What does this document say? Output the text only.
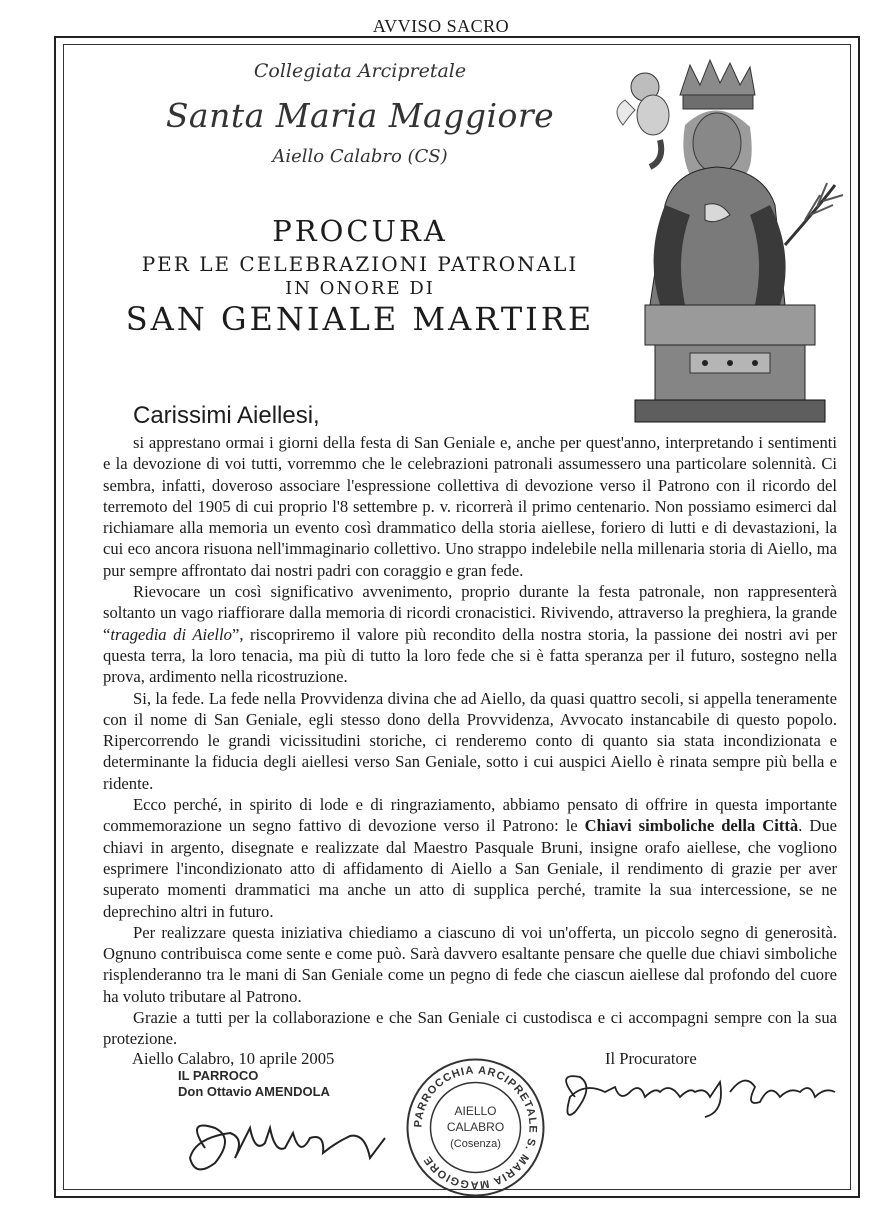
AVVISO SACRO
Collegiata Arcipretale
Santa Maria Maggiore
Aiello Calabro (CS)
PROCURA
PER LE CELEBRAZIONI PATRONALI
IN ONORE DI
SAN GENIALE MARTIRE
Carissimi Aiellesi,

si apprestano ormai i giorni della festa di San Geniale e, anche per quest'anno, interpretando i sentimenti e la devozione di voi tutti, vorremmo che le celebrazioni patronali assumessero una particolare solennità. Ci sembra, infatti, doveroso associare l'espressione collettiva di devozione verso il Patrono con il ricordo del terremoto del 1905 di cui proprio l'8 settembre p. v. ricorrerà il primo centenario. Non possiamo esimerci dal richiamare alla memoria un evento così drammatico della storia aiellese, foriero di lutti e di devastazioni, la cui eco ancora risuona nell'immaginario collettivo. Uno strappo indelebile nella millenaria storia di Aiello, ma pur sempre affrontato dai nostri padri con coraggio e gran fede.

Rievocare un così significativo avvenimento, proprio durante la festa patronale, non rappresenterà soltanto un vago riaffiorare dalla memoria di ricordi cronacistici. Rivivendo, attraverso la preghiera, la grande “tragedia di Aiello”, riscopriremo il valore più recondito della nostra storia, la passione dei nostri avi per questa terra, la loro tenacia, ma più di tutto la loro fede che si è fatta speranza per il futuro, sostegno nella prova, ardimento nella ricostruzione.

Si, la fede. La fede nella Provvidenza divina che ad Aiello, da quasi quattro secoli, si appella teneramente con il nome di San Geniale, egli stesso dono della Provvidenza, Avvocato instancabile di questo popolo. Ripercorrendo le grandi vicissitudini storiche, ci renderemo conto di quanto sia stata incondizionata e determinante la fiducia degli aiellesi verso San Geniale, sotto i cui auspici Aiello è rinata sempre più bella e ridente.

Ecco perché, in spirito di lode e di ringraziamento, abbiamo pensato di offrire in questa importante commemorazione un segno fattivo di devozione verso il Patrono: le Chiavi simboliche della Città. Due chiavi in argento, disegnate e realizzate dal Maestro Pasquale Bruni, insigne orafo aiellese, che vogliono esprimere l'incondizionato atto di affidamento di Aiello a San Geniale, il rendimento di grazie per aver superato momenti drammatici ma anche un atto di supplica perché, tramite la sua intercessione, se ne deprechino altri in futuro.

Per realizzare questa iniziativa chiediamo a ciascuno di voi un'offerta, un piccolo segno di generosità. Ognuno contribuisca come sente e come può. Sarà davvero esaltante pensare che quelle due chiavi simboliche risplenderanno tra le mani di San Geniale come un pegno di fede che ciascun aiellese dal profondo del cuore ha voluto tributare al Patrono.

Grazie a tutti per la collaborazione e che San Geniale ci custodisca e ci accompagni sempre con la sua protezione.

Aiello Calabro, 10 aprile 2005	Il Procuratore
IL PARROCO
Don Ottavio AMENDOLA
PARROCCHIA ARCIPRETALE S. MARIA MAGGIORE
AIELLO
CALABRO
(Cosenza)
